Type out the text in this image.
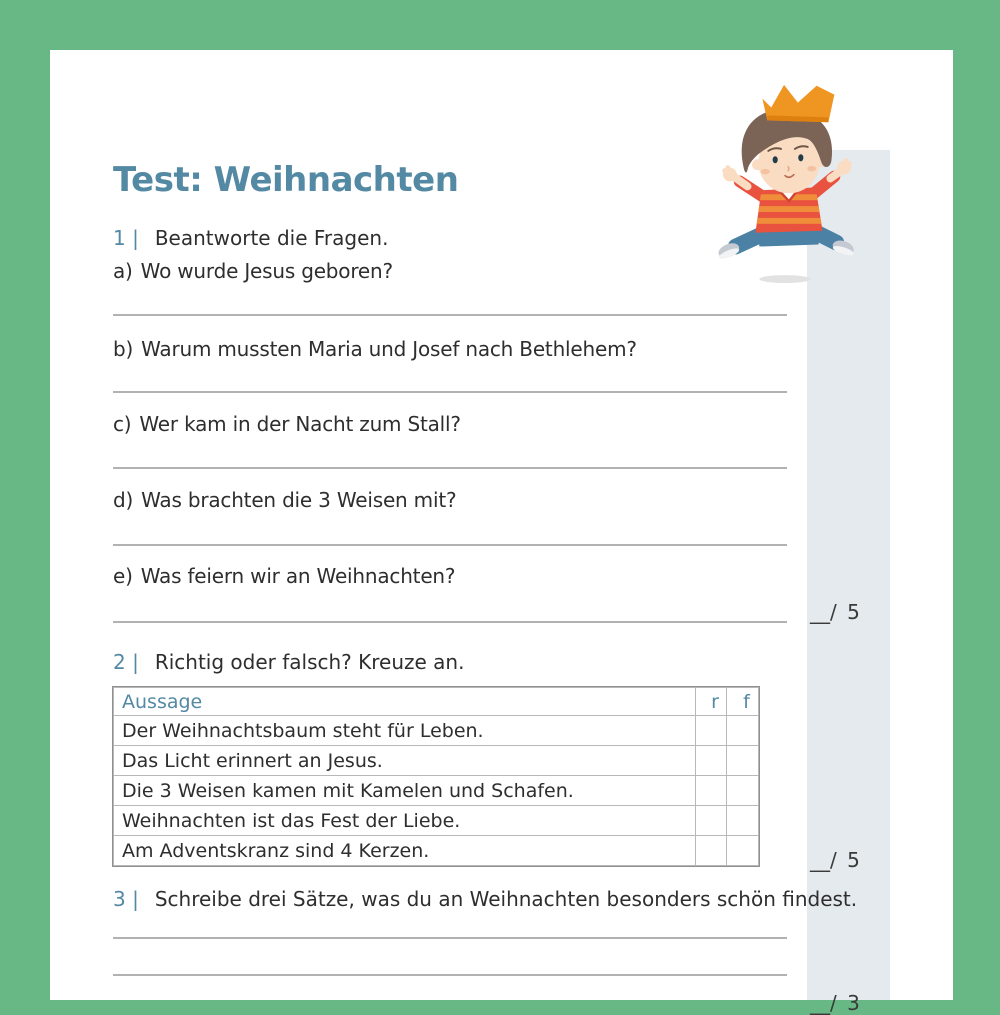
Test: Weihnachten
1 | Beantworte die Fragen.
a) Wo wurde Jesus geboren?
b) Warum mussten Maria und Josef nach Bethlehem?
c) Wer kam in der Nacht zum Stall?
d) Was brachten die 3 Weisen mit?
e) Was feiern wir an Weihnachten?
__/ 5
2 | Richtig oder falsch? Kreuze an.
Aussage	r	f
Der Weihnachtsbaum steht für Leben.		
Das Licht erinnert an Jesus.		
Die 3 Weisen kamen mit Kamelen und Schafen.		
Weihnachten ist das Fest der Liebe.		
Am Adventskranz sind 4 Kerzen.			__/ 5
3 | Schreibe drei Sätze, was du an Weihnachten besonders schön findest.
__/ 3
